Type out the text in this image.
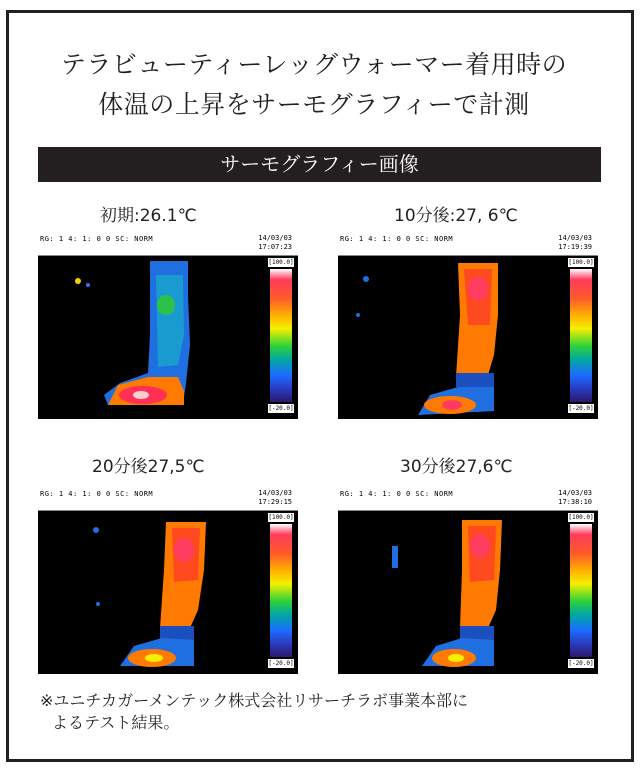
テラビューティーレッグウォーマー着用時の
体温の上昇をサーモグラフィーで計測
サーモグラフィー画像
初期:26.1℃
RG: 1 4: 1: 0 0 SC: NORM	14/03/03
17:07:23
[100.0]
[-20.0]
10分後:27, 6℃
RG: 1 4: 1: 0 0 SC: NORM	14/03/03
17:19:39
[100.0]
[-20.0]
20分後27,5℃
RG: 1 4: 1: 0 0 SC: NORM	14/03/03
17:29:15
[100.0]
[-20.0]
30分後27,6℃
RG: 1 4: 1: 0 0 SC: NORM	14/03/03
17:38:10
[100.0]
[-20.0]
※ユニチカガーメンテック株式会社リサーチラボ事業本部に
よるテスト結果。
